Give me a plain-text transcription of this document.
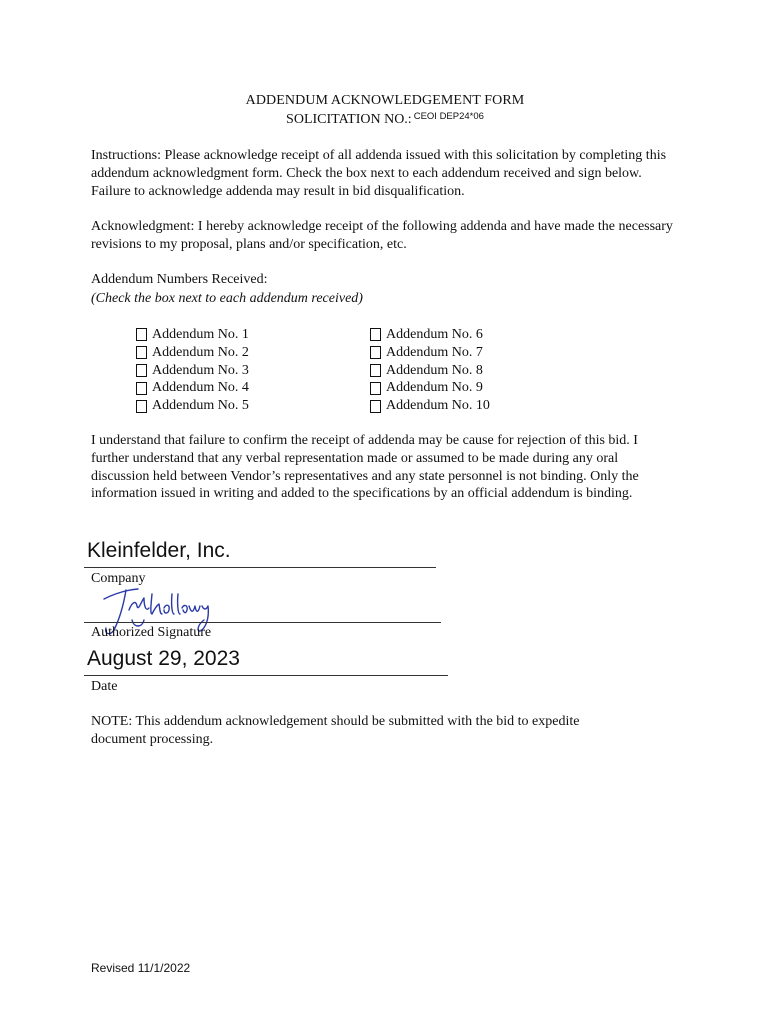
ADDENDUM ACKNOWLEDGEMENT FORM
SOLICITATION NO.: $^{CEOI DEP24*06}$
Instructions: Please acknowledge receipt of all addenda issued with this solicitation by completing this addendum acknowledgment form. Check the box next to each addendum received and sign below. Failure to acknowledge addenda may result in bid disqualification.
Acknowledgment: I hereby acknowledge receipt of the following addenda and have made the necessary revisions to my proposal, plans and/or specification, etc.
Addendum Numbers Received:
(Check the box next to each addendum received)
Addendum No. 1
Addendum No. 2
Addendum No. 3
Addendum No. 4
Addendum No. 5
Addendum No. 6
Addendum No. 7
Addendum No. 8
Addendum No. 9
Addendum No. 10
I understand that failure to confirm the receipt of addenda may be cause for rejection of this bid. I further understand that any verbal representation made or assumed to be made during any oral discussion held between Vendor’s representatives and any state personnel is not binding. Only the information issued in writing and added to the specifications by an official addendum is binding.
Kleinfelder, Inc.
Company
Authorized Signature
August 29, 2023
Date
NOTE: This addendum acknowledgement should be submitted with the bid to expedite document processing.
Revised 11/1/2022
